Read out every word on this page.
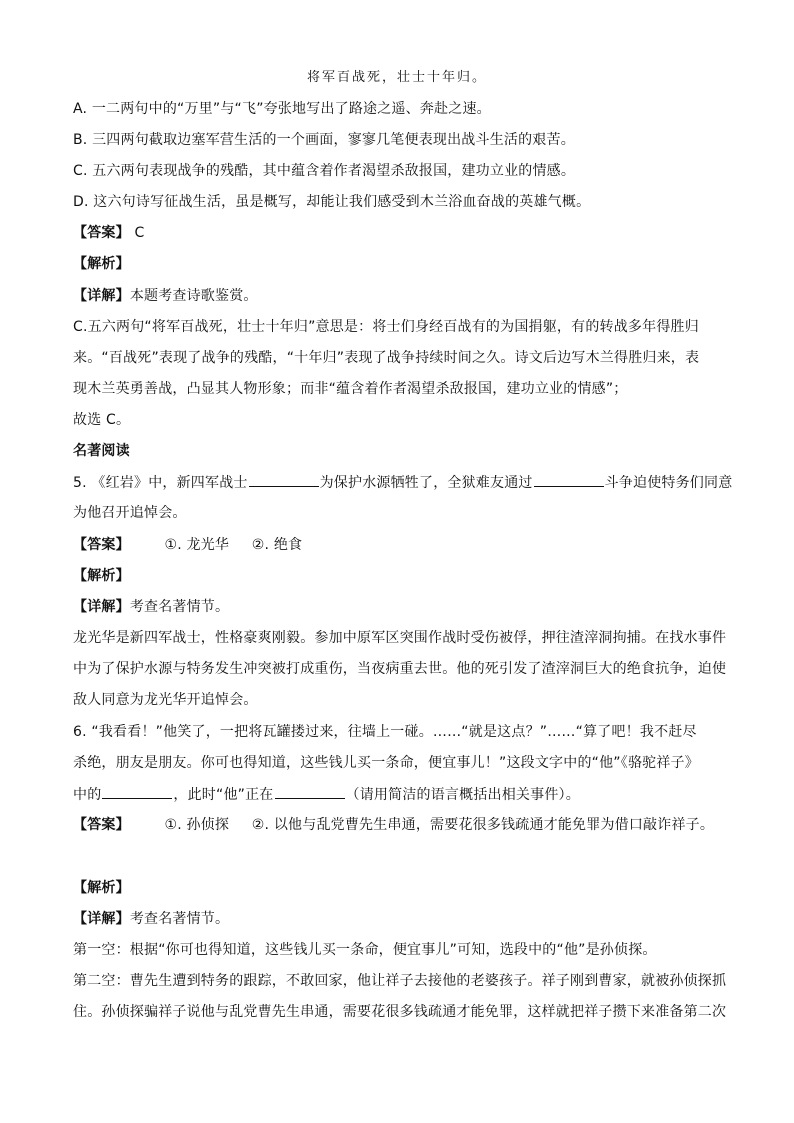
将军百战死，壮士十年归。
A. 一二两句中的“万里”与“飞”夸张地写出了路途之遥、奔赴之速。
B. 三四两句截取边塞军营生活的一个画面，寥寥几笔便表现出战斗生活的艰苦。
C. 五六两句表现战争的残酷，其中蕴含着作者渴望杀敌报国，建功立业的情感。
D. 这六句诗写征战生活，虽是概写，却能让我们感受到木兰浴血奋战的英雄气概。
【答案】 C
【解析】
【详解】本题考查诗歌鉴赏。
C.五六两句“将军百战死，壮士十年归”意思是：将士们身经百战有的为国捐躯，有的转战多年得胜归
来。“百战死”表现了战争的残酷，“十年归”表现了战争持续时间之久。诗文后边写木兰得胜归来，表
现木兰英勇善战，凸显其人物形象；而非“蕴含着作者渴望杀敌报国，建功立业的情感”；
故选 C。
名著阅读
5. 《红岩》中，新四军战士	为保护水源牺牲了，全狱难友通过	斗争迫使特务们同意
为他召开追悼会。
【答案】 ①. 龙光华 ②. 绝食
【解析】
【详解】考查名著情节。
龙光华是新四军战士，性格豪爽刚毅。参加中原军区突围作战时受伤被俘，押往渣滓洞拘捕。在找水事件
中为了保护水源与特务发生冲突被打成重伤，当夜病重去世。他的死引发了渣滓洞巨大的绝食抗争，迫使
敌人同意为龙光华开追悼会。
6. “我看看！”他笑了，一把将瓦罐搂过来，往墙上一碰。……“就是这点？”……“算了吧！我不赶尽
杀绝，朋友是朋友。你可也得知道，这些钱儿买一条命，便宜事儿！”这段文字中的“他”《骆驼祥子》
中的	，此时“他”正在	（请用简洁的语言概括出相关事件）。
【答案】 ①. 孙侦探 ②. 以他与乱党曹先生串通，需要花很多钱疏通才能免罪为借口敲诈祥子。
【解析】
【详解】考查名著情节。
第一空：根据“你可也得知道，这些钱儿买一条命，便宜事儿”可知，选段中的“他”是孙侦探。
第二空：曹先生遭到特务的跟踪，不敢回家，他让祥子去接他的老婆孩子。祥子刚到曹家，就被孙侦探抓
住。孙侦探骗祥子说他与乱党曹先生串通，需要花很多钱疏通才能免罪，这样就把祥子攒下来准备第二次
